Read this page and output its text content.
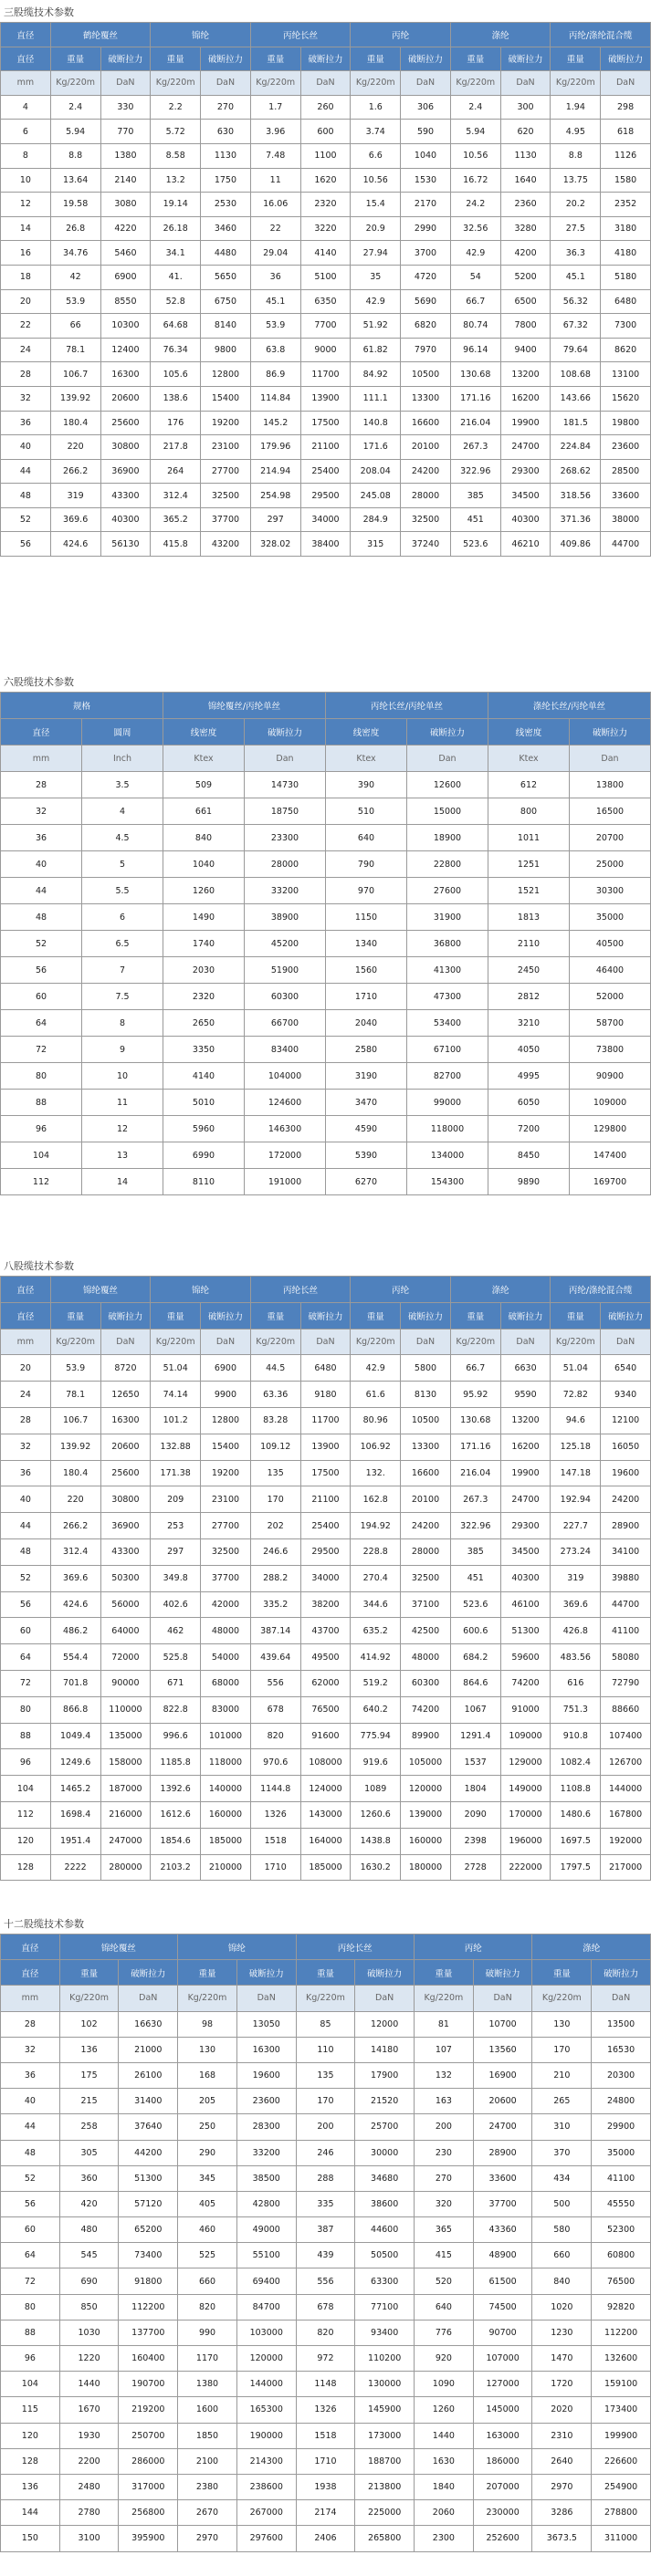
三股缆技术参数
直径	鹤纶覆丝		锦纶		丙纶长丝		丙纶		涤纶		丙纶/涤纶混合缆	
直径	重量	破断拉力	重量	破断拉力	重量	破断拉力	重量	破断拉力	重量	破断拉力	重量	破断拉力
mm	Kg/220m	DaN	Kg/220m	DaN	Kg/220m	DaN	Kg/220m	DaN	Kg/220m	DaN	Kg/220m	DaN
4	2.4	330	2.2	270	1.7	260	1.6	306	2.4	300	1.94	298
6	5.94	770	5.72	630	3.96	600	3.74	590	5.94	620	4.95	618
8	8.8	1380	8.58	1130	7.48	1100	6.6	1040	10.56	1130	8.8	1126
10	13.64	2140	13.2	1750	11	1620	10.56	1530	16.72	1640	13.75	1580
12	19.58	3080	19.14	2530	16.06	2320	15.4	2170	24.2	2360	20.2	2352
14	26.8	4220	26.18	3460	22	3220	20.9	2990	32.56	3280	27.5	3180
16	34.76	5460	34.1	4480	29.04	4140	27.94	3700	42.9	4200	36.3	4180
18	42	6900	41.	5650	36	5100	35	4720	54	5200	45.1	5180
20	53.9	8550	52.8	6750	45.1	6350	42.9	5690	66.7	6500	56.32	6480
22	66	10300	64.68	8140	53.9	7700	51.92	6820	80.74	7800	67.32	7300
24	78.1	12400	76.34	9800	63.8	9000	61.82	7970	96.14	9400	79.64	8620
28	106.7	16300	105.6	12800	86.9	11700	84.92	10500	130.68	13200	108.68	13100
32	139.92	20600	138.6	15400	114.84	13900	111.1	13300	171.16	16200	143.66	15620
36	180.4	25600	176	19200	145.2	17500	140.8	16600	216.04	19900	181.5	19800
40	220	30800	217.8	23100	179.96	21100	171.6	20100	267.3	24700	224.84	23600
44	266.2	36900	264	27700	214.94	25400	208.04	24200	322.96	29300	268.62	28500
48	319	43300	312.4	32500	254.98	29500	245.08	28000	385	34500	318.56	33600
52	369.6	40300	365.2	37700	297	34000	284.9	32500	451	40300	371.36	38000
56	424.6	56130	415.8	43200	328.02	38400	315	37240	523.6	46210	409.86	44700
六股缆技术参数
规格		锦纶覆丝/丙纶单丝		丙纶长丝/丙纶单丝		涤纶长丝/丙纶单丝	
直径	圆周	线密度	破断拉力	线密度	破断拉力	线密度	破断拉力
mm	Inch	Ktex	Dan	Ktex	Dan	Ktex	Dan
28	3.5	509	14730	390	12600	612	13800
32	4	661	18750	510	15000	800	16500
36	4.5	840	23300	640	18900	1011	20700
40	5	1040	28000	790	22800	1251	25000
44	5.5	1260	33200	970	27600	1521	30300
48	6	1490	38900	1150	31900	1813	35000
52	6.5	1740	45200	1340	36800	2110	40500
56	7	2030	51900	1560	41300	2450	46400
60	7.5	2320	60300	1710	47300	2812	52000
64	8	2650	66700	2040	53400	3210	58700
72	9	3350	83400	2580	67100	4050	73800
80	10	4140	104000	3190	82700	4995	90900
88	11	5010	124600	3470	99000	6050	109000
96	12	5960	146300	4590	118000	7200	129800
104	13	6990	172000	5390	134000	8450	147400
112	14	8110	191000	6270	154300	9890	169700
八股缆技术参数
直径	锦纶覆丝		锦纶		丙纶长丝		丙纶		涤纶		丙纶/涤纶混合缆	
直径	重量	破断拉力	重量	破断拉力	重量	破断拉力	重量	破断拉力	重量	破断拉力	重量	破断拉力
mm	Kg/220m	DaN	Kg/220m	DaN	Kg/220m	DaN	Kg/220m	DaN	Kg/220m	DaN	Kg/220m	DaN
20	53.9	8720	51.04	6900	44.5	6480	42.9	5800	66.7	6630	51.04	6540
24	78.1	12650	74.14	9900	63.36	9180	61.6	8130	95.92	9590	72.82	9340
28	106.7	16300	101.2	12800	83.28	11700	80.96	10500	130.68	13200	94.6	12100
32	139.92	20600	132.88	15400	109.12	13900	106.92	13300	171.16	16200	125.18	16050
36	180.4	25600	171.38	19200	135	17500	132.	16600	216.04	19900	147.18	19600
40	220	30800	209	23100	170	21100	162.8	20100	267.3	24700	192.94	24200
44	266.2	36900	253	27700	202	25400	194.92	24200	322.96	29300	227.7	28900
48	312.4	43300	297	32500	246.6	29500	228.8	28000	385	34500	273.24	34100
52	369.6	50300	349.8	37700	288.2	34000	270.4	32500	451	40300	319	39880
56	424.6	56000	402.6	42000	335.2	38200	344.6	37100	523.6	46100	369.6	44700
60	486.2	64000	462	48000	387.14	43700	635.2	42500	600.6	51300	426.8	41100
64	554.4	72000	525.8	54000	439.64	49500	414.92	48000	684.2	59600	483.56	58080
72	701.8	90000	671	68000	556	62000	519.2	60300	864.6	74200	616	72790
80	866.8	110000	822.8	83000	678	76500	640.2	74200	1067	91000	751.3	88660
88	1049.4	135000	996.6	101000	820	91600	775.94	89900	1291.4	109000	910.8	107400
96	1249.6	158000	1185.8	118000	970.6	108000	919.6	105000	1537	129000	1082.4	126700
104	1465.2	187000	1392.6	140000	1144.8	124000	1089	120000	1804	149000	1108.8	144000
112	1698.4	216000	1612.6	160000	1326	143000	1260.6	139000	2090	170000	1480.6	167800
120	1951.4	247000	1854.6	185000	1518	164000	1438.8	160000	2398	196000	1697.5	192000
128	2222	280000	2103.2	210000	1710	185000	1630.2	180000	2728	222000	1797.5	217000
十二股缆技术参数
直径	锦纶覆丝		锦纶		丙纶长丝		丙纶		涤纶	
直径	重量	破断拉力	重量	破断拉力	重量	破断拉力	重量	破断拉力	重量	破断拉力
mm	Kg/220m	DaN	Kg/220m	DaN	Kg/220m	DaN	Kg/220m	DaN	Kg/220m	DaN
28	102	16630	98	13050	85	12000	81	10700	130	13500
32	136	21000	130	16300	110	14180	107	13560	170	16530
36	175	26100	168	19600	135	17900	132	16900	210	20300
40	215	31400	205	23600	170	21520	163	20600	265	24800
44	258	37640	250	28300	200	25700	200	24700	310	29900
48	305	44200	290	33200	246	30000	230	28900	370	35000
52	360	51300	345	38500	288	34680	270	33600	434	41100
56	420	57120	405	42800	335	38600	320	37700	500	45550
60	480	65200	460	49000	387	44600	365	43360	580	52300
64	545	73400	525	55100	439	50500	415	48900	660	60800
72	690	91800	660	69400	556	63300	520	61500	840	76500
80	850	112200	820	84700	678	77100	640	74500	1020	92820
88	1030	137700	990	103000	820	93400	776	90700	1230	112200
96	1220	160400	1170	120000	972	110200	920	107000	1470	132600
104	1440	190700	1380	144000	1148	130000	1090	127000	1720	159100
115	1670	219200	1600	165300	1326	145900	1260	145000	2020	173400
120	1930	250700	1850	190000	1518	173000	1440	163000	2310	199900
128	2200	286000	2100	214300	1710	188700	1630	186000	2640	226600
136	2480	317000	2380	238600	1938	213800	1840	207000	2970	254900
144	2780	256800	2670	267000	2174	225000	2060	230000	3286	278800
150	3100	395900	2970	297600	2406	265800	2300	252600	3673.5	311000
